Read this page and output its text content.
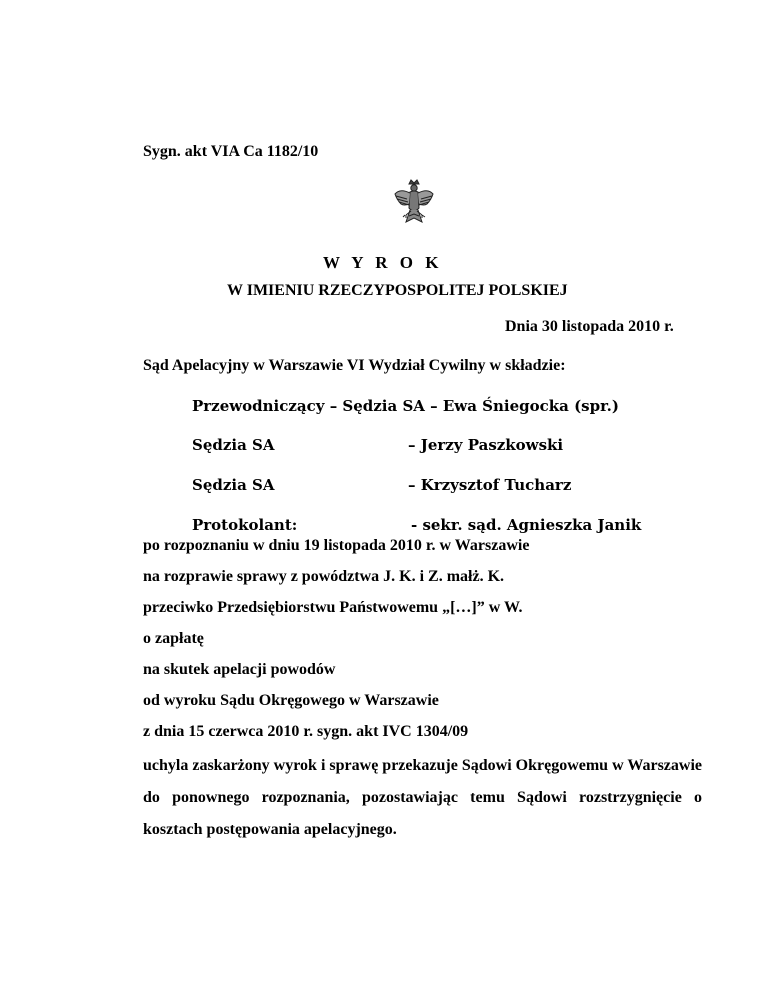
Sygn. akt VIA Ca 1182/10
W Y R O K
W IMIENIU RZECZYPOSPOLITEJ POLSKIEJ
Dnia 30 listopada 2010 r.
Sąd Apelacyjny w Warszawie VI Wydział Cywilny w składzie:
Przewodniczący – Sędzia SA – Ewa Śniegocka (spr.)
Sędzia SA	– Jerzy Paszkowski
Sędzia SA	– Krzysztof Tucharz
Protokolant:	- sekr. sąd. Agnieszka Janik
po rozpoznaniu w dniu 19 listopada 2010 r. w Warszawie
na rozprawie sprawy z powództwa J. K. i Z. małż. K.
przeciwko Przedsiębiorstwu Państwowemu „[…]” w W.
o zapłatę
na skutek apelacji powodów
od wyroku Sądu Okręgowego w Warszawie
z dnia 15 czerwca 2010 r. sygn. akt IVC 1304/09
uchyla zaskarżony wyrok i sprawę przekazuje Sądowi Okręgowemu w Warszawie do ponownego rozpoznania, pozostawiając temu Sądowi rozstrzygnięcie o kosztach postępowania apelacyjnego.
